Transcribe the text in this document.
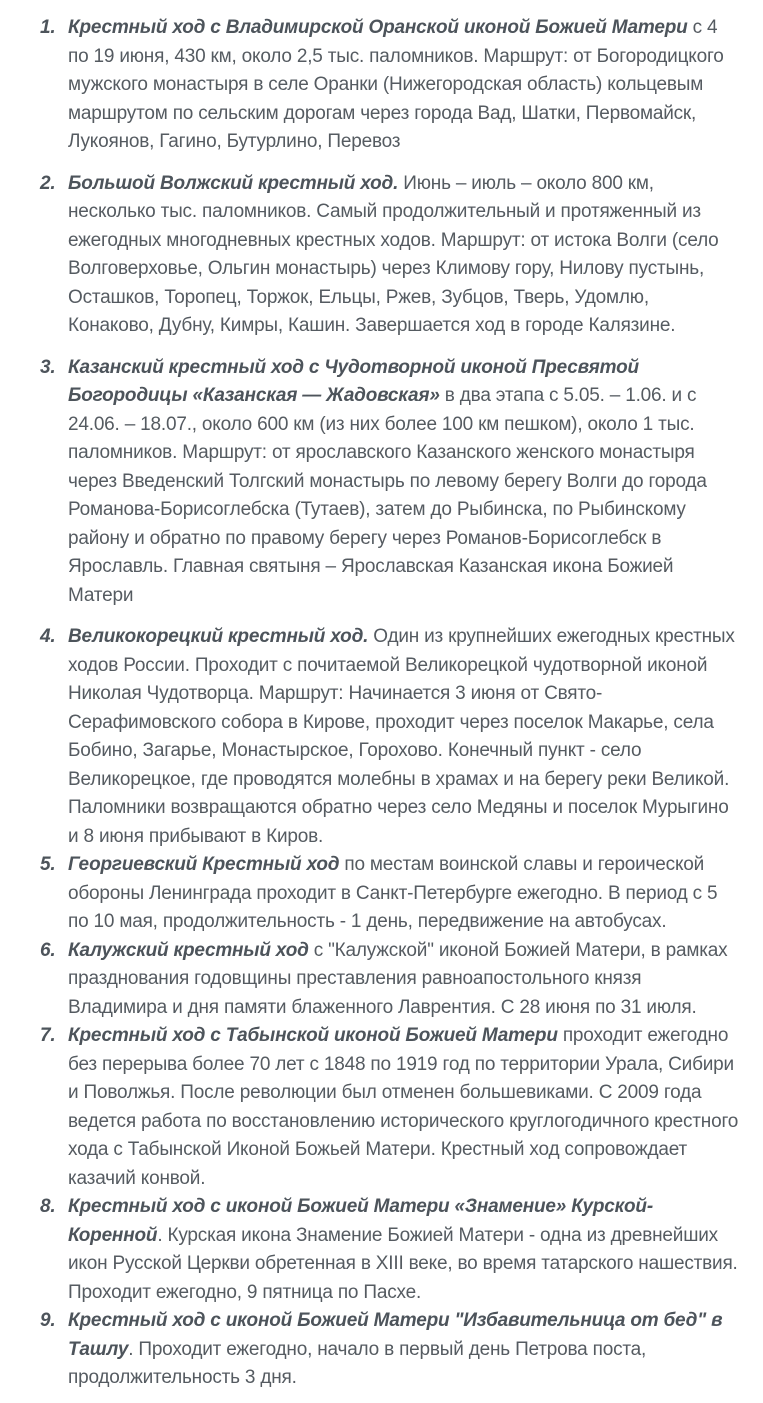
1. Крестный ход с Владимирской Оранской иконой Божией Матери с 4 по 19 июня, 430 км, около 2,5 тыс. паломников. Маршрут: от Богородицкого мужского монастыря в селе Оранки (Нижегородская область) кольцевым маршрутом по сельским дорогам через города Вад, Шатки, Первомайск, Лукоянов, Гагино, Бутурлино, Перевоз

2. Большой Волжский крестный ход. Июнь – июль – около 800 км, несколько тыс. паломников. Самый продолжительный и протяженный из ежегодных многодневных крестных ходов. Маршрут: от истока Волги (село Волговерховье, Ольгин монастырь) через Климову гору, Нилову пустынь, Осташков, Торопец, Торжок, Ельцы, Ржев, Зубцов, Тверь, Удомлю, Конаково, Дубну, Кимры, Кашин. Завершается ход в городе Калязине.

3. Казанский крестный ход с Чудотворной иконой Пресвятой Богородицы «Казанская — Жадовская» в два этапа с 5.05. – 1.06. и с 24.06. – 18.07., около 600 км (из них более 100 км пешком), около 1 тыс. паломников. Маршрут: от ярославского Казанского женского монастыря через Введенский Толгский монастырь по левому берегу Волги до города Романова-Борисоглебска (Тутаев), затем до Рыбинска, по Рыбинскому району и обратно по правому берегу через Романов-Борисоглебск в Ярославль. Главная святыня – Ярославская Казанская икона Божией Матери

4. Великокорецкий крестный ход. Один из крупнейших ежегодных крестных ходов России. Проходит с почитаемой Великорецкой чудотворной иконой Николая Чудотворца. Маршрут: Начинается 3 июня от Свято-Серафимовского собора в Кирове, проходит через поселок Макарье, села Бобино, Загарье, Монастырское, Горохово. Конечный пункт - село Великорецкое, где проводятся молебны в храмах и на берегу реки Великой. Паломники возвращаются обратно через село Медяны и поселок Мурыгино и 8 июня прибывают в Киров.

5. Георгиевский Крестный ход по местам воинской славы и героической обороны Ленинграда проходит в Санкт-Петербурге ежегодно. В период с 5 по 10 мая, продолжительность - 1 день, передвижение на автобусах.

6. Калужский крестный ход с "Калужской" иконой Божией Матери, в рамках празднования годовщины преставления равноапостольного князя Владимира и дня памяти блаженного Лаврентия. С 28 июня по 31 июля.

7. Крестный ход с Табынской иконой Божией Матери проходит ежегодно без перерыва более 70 лет с 1848 по 1919 год по территории Урала, Сибири и Поволжья. После революции был отменен большевиками. С 2009 года ведется работа по восстановлению исторического круглогодичного крестного хода с Табынской Иконой Божьей Матери. Крестный ход сопровождает казачий конвой.

8. Крестный ход с иконой Божией Матери «Знамение» Курской-Коренной. Курская икона Знамение Божией Матери - одна из древнейших икон Русской Церкви обретенная в XIII веке, во время татарского нашествия. Проходит ежегодно, 9 пятница по Пасхе.

9. Крестный ход с иконой Божией Матери "Избавительница от бед" в Ташлу. Проходит ежегодно, начало в первый день Петрова поста, продолжительность 3 дня.
